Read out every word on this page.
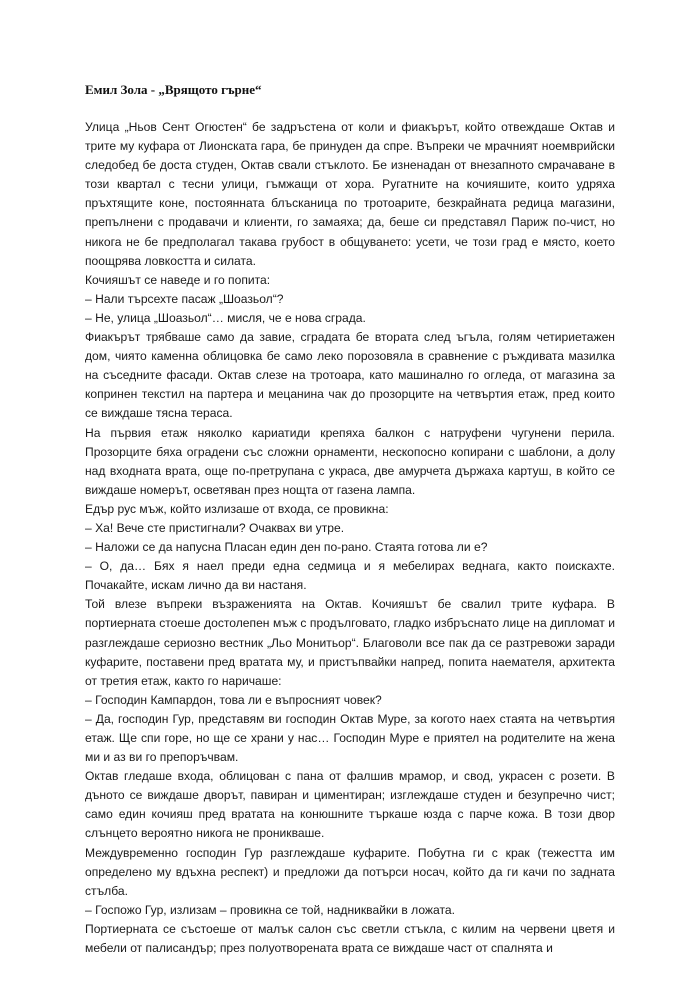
Емил Зола - „Врящото гърне“

Улица „Ньов Сент Огюстен“ бе задръстена от коли и фиакърът, който отвеждаше Октав и трите му куфара от Лионската гара, бе принуден да спре. Въпреки че мрачният ноемврийски следобед бе доста студен, Октав свали стъклото. Бе изненадан от внезапното смрачаване в този квартал с тесни улици, гъмжащи от хора. Ругатните на кочияшите, които удряха пръхтящите коне, постоянната блъсканица по тротоарите, безкрайната редица магазини, препълнени с продавачи и клиенти, го замаяха; да, беше си представял Париж по-чист, но никога не бе предполагал такава грубост в общуването: усети, че този град е място, което поощрява ловкостта и силата.

Кочияшът се наведе и го попита:

– Нали търсехте пасаж „Шоазьол“?

– Не, улица „Шоазьол“… мисля, че е нова сграда.

Фиакърът трябваше само да завие, сградата бе втората след ъгъла, голям четириетажен дом, чиято каменна облицовка бе само леко порозовяла в сравнение с ръждивата мазилка на съседните фасади. Октав слезе на тротоара, като машинално го огледа, от магазина за копринен текстил на партера и мецанина чак до прозорците на четвъртия етаж, пред които се виждаше тясна тераса.

На първия етаж няколко кариатиди крепяха балкон с натруфени чугунени перила. Прозорците бяха оградени със сложни орнаменти, нескопосно копирани с шаблони, а долу над входната врата, още по-претрупана с украса, две амурчета държаха картуш, в който се виждаше номерът, осветяван през нощта от газена лампа.

Едър рус мъж, който излизаше от входа, се провикна:

– Ха! Вече сте пристигнали? Очаквах ви утре.

– Наложи се да напусна Пласан един ден по-рано. Стаята готова ли е?

– О, да… Бях я наел преди една седмица и я мебелирах веднага, както поискахте. Почакайте, искам лично да ви настаня.

Той влезе въпреки възраженията на Октав. Кочияшът бе свалил трите куфара. В портиерната стоеше достолепен мъж с продълговато, гладко избръснато лице на дипломат и разглеждаше сериозно вестник „Льо Монитьор“. Благоволи все пак да се разтревожи заради куфарите, поставени пред вратата му, и пристъпвайки напред, попита наемателя, архитекта от третия етаж, както го наричаше:

– Господин Кампардон, това ли е въпросният човек?

– Да, господин Гур, представям ви господин Октав Муре, за когото наех стаята на четвъртия етаж. Ще спи горе, но ще се храни у нас… Господин Муре е приятел на родителите на жена ми и аз ви го препоръчвам.

Октав гледаше входа, облицован с пана от фалшив мрамор, и свод, украсен с розети. В дъното се виждаше дворът, павиран и циментиран; изглеждаше студен и безупречно чист; само един кочияш пред вратата на конюшните търкаше юзда с парче кожа. В този двор слънцето вероятно никога не проникваше.

Междувременно господин Гур разглеждаше куфарите. Побутна ги с крак (тежестта им определено му вдъхна респект) и предложи да потърси носач, който да ги качи по задната стълба.

– Госпожо Гур, излизам – провикна се той, надниквайки в ложата.

Портиерната се състоеше от малък салон със светли стъкла, с килим на червени цветя и мебели от палисандър; през полуотворената врата се виждаше част от спалнята и
